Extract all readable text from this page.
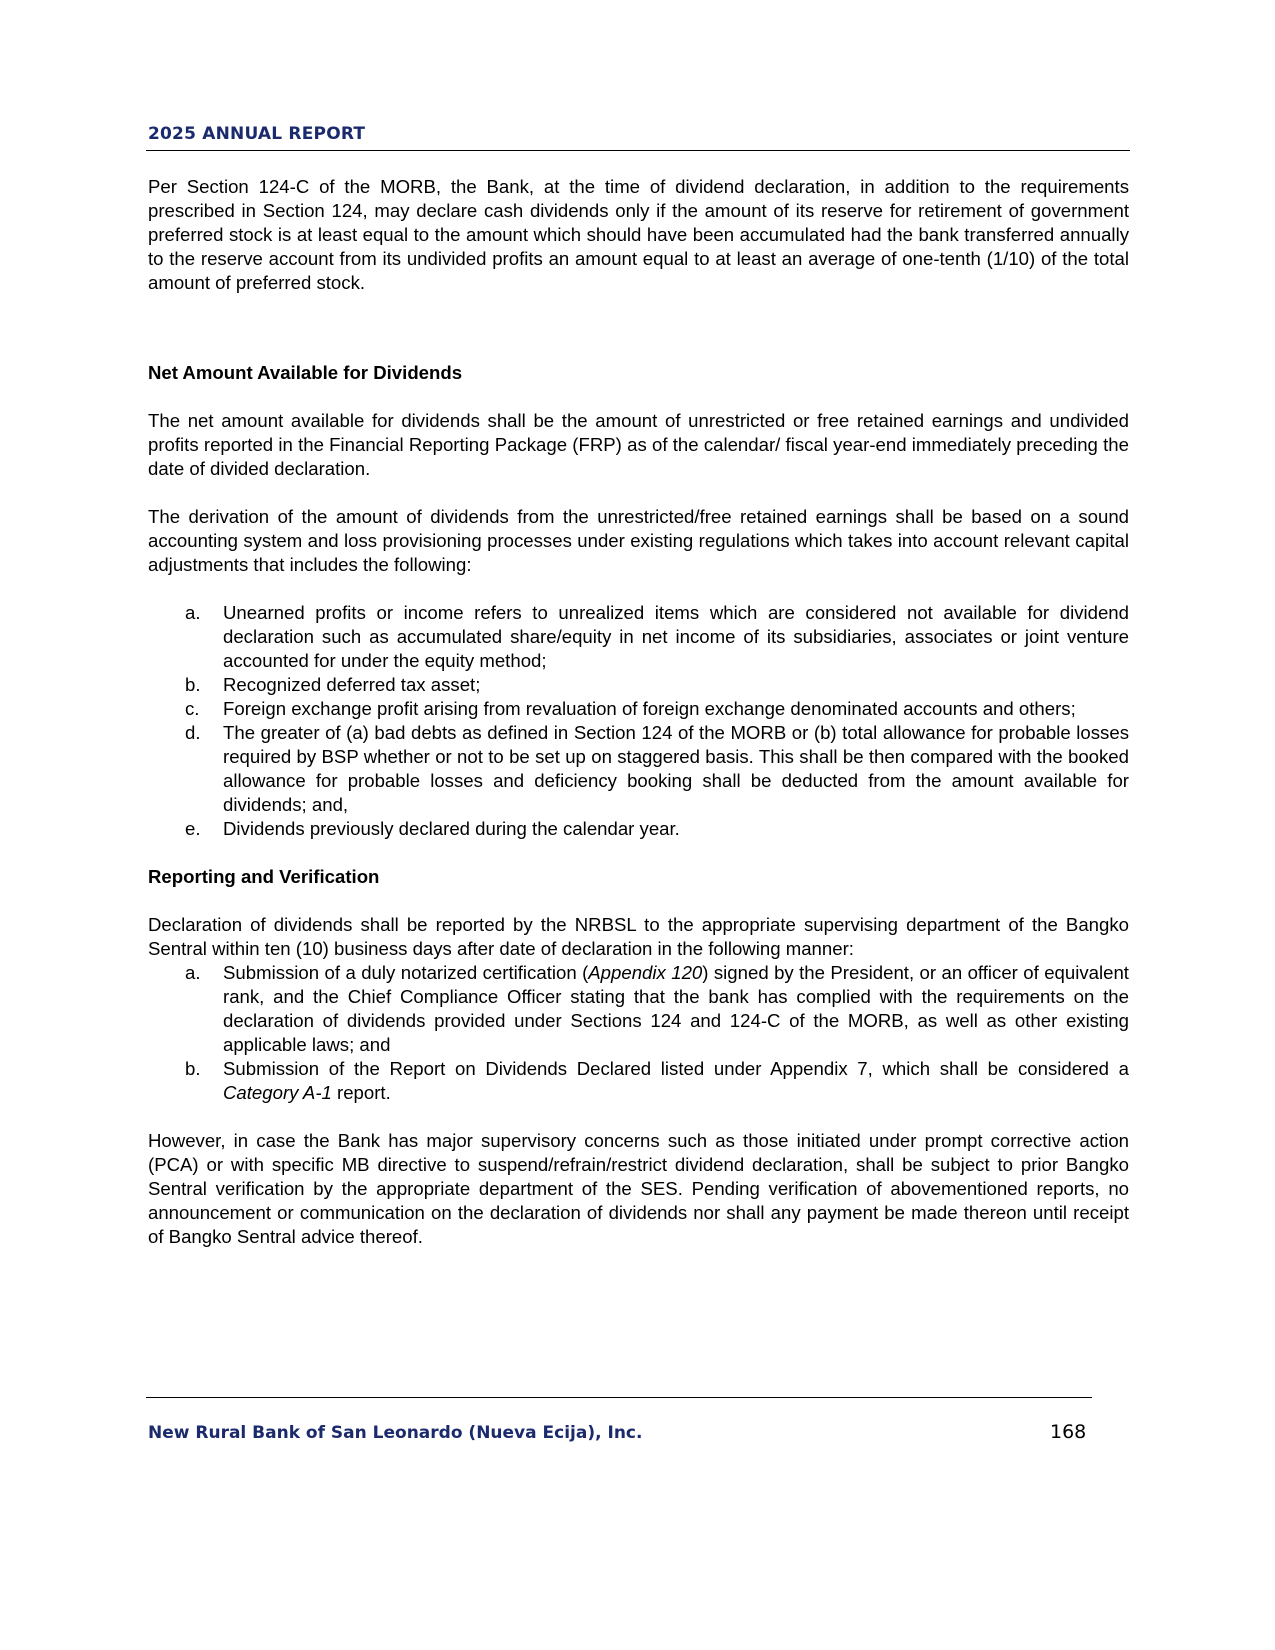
2025 ANNUAL REPORT

Per Section 124-C of the MORB, the Bank, at the time of dividend declaration, in addition to the requirements prescribed in Section 124, may declare cash dividends only if the amount of its reserve for retirement of government preferred stock is at least equal to the amount which should have been accumulated had the bank transferred annually to the reserve account from its undivided profits an amount equal to at least an average of one-tenth (1/10) of the total amount of preferred stock.

Net Amount Available for Dividends

The net amount available for dividends shall be the amount of unrestricted or free retained earnings and undivided profits reported in the Financial Reporting Package (FRP) as of the calendar/ fiscal year-end immediately preceding the date of divided declaration.

The derivation of the amount of dividends from the unrestricted/free retained earnings shall be based on a sound accounting system and loss provisioning processes under existing regulations which takes into account relevant capital adjustments that includes the following:

a. Unearned profits or income refers to unrealized items which are considered not available for dividend declaration such as accumulated share/equity in net income of its subsidiaries, associates or joint venture accounted for under the equity method;
b. Recognized deferred tax asset;
c. Foreign exchange profit arising from revaluation of foreign exchange denominated accounts and others;
d. The greater of (a) bad debts as defined in Section 124 of the MORB or (b) total allowance for probable losses required by BSP whether or not to be set up on staggered basis. This shall be then compared with the booked allowance for probable losses and deficiency booking shall be deducted from the amount available for dividends; and,
e. Dividends previously declared during the calendar year.

Reporting and Verification

Declaration of dividends shall be reported by the NRBSL to the appropriate supervising department of the Bangko Sentral within ten (10) business days after date of declaration in the following manner:

a. Submission of a duly notarized certification (Appendix 120) signed by the President, or an officer of equivalent rank, and the Chief Compliance Officer stating that the bank has complied with the requirements on the declaration of dividends provided under Sections 124 and 124-C of the MORB, as well as other existing applicable laws; and
b. Submission of the Report on Dividends Declared listed under Appendix 7, which shall be considered a Category A-1 report.

However, in case the Bank has major supervisory concerns such as those initiated under prompt corrective action (PCA) or with specific MB directive to suspend/refrain/restrict dividend declaration, shall be subject to prior Bangko Sentral verification by the appropriate department of the SES. Pending verification of abovementioned reports, no announcement or communication on the declaration of dividends nor shall any payment be made thereon until receipt of Bangko Sentral advice thereof.

New Rural Bank of San Leonardo (Nueva Ecija), Inc.	168
